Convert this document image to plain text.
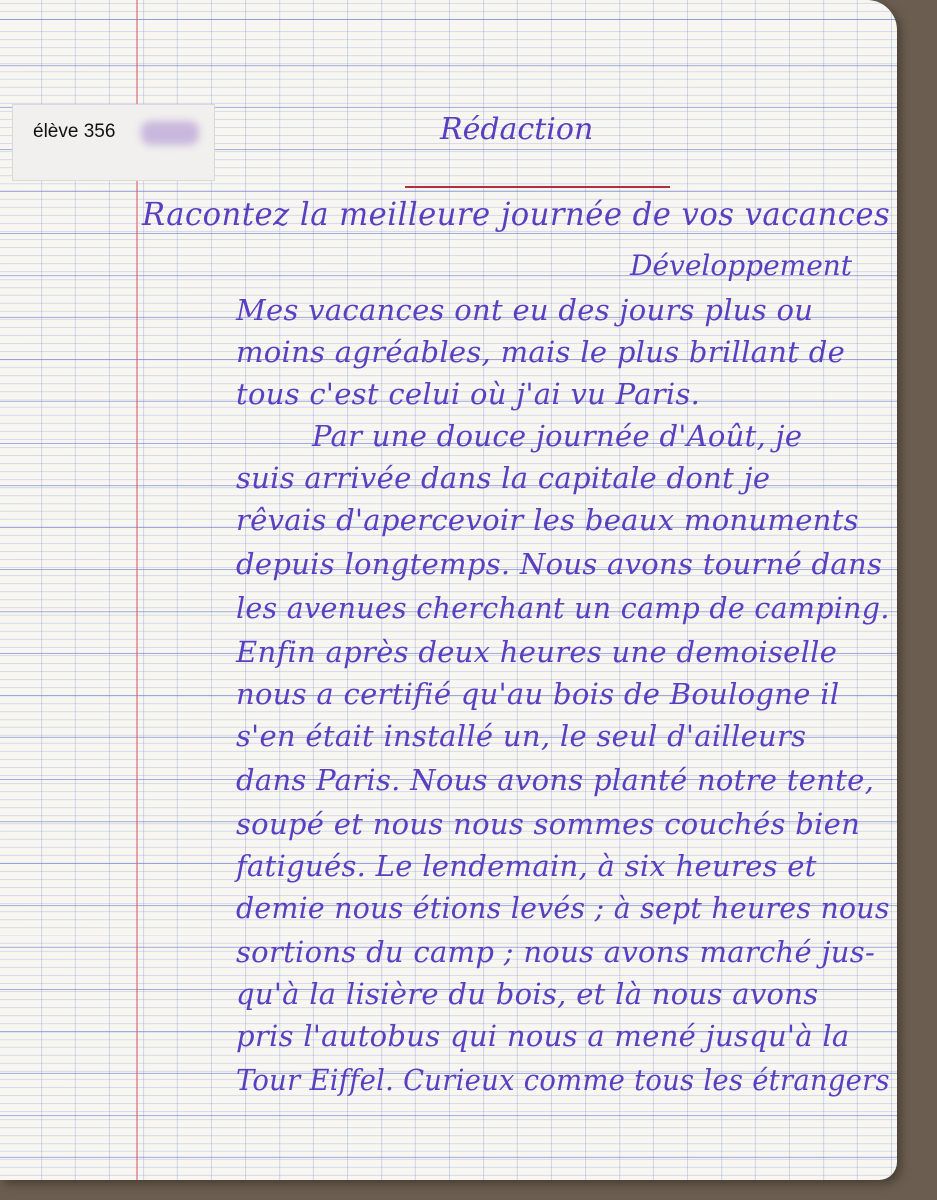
élève 356	Rédaction
Racontez la meilleure journée de vos vacances
Développement
Mes vacances ont eu des jours plus ou
moins agréables, mais le plus brillant de
tous c'est celui où j'ai vu Paris.
Par une douce journée d'Août, je
suis arrivée dans la capitale dont je
rêvais d'apercevoir les beaux monuments
depuis longtemps. Nous avons tourné dans
les avenues cherchant un camp de camping.
Enfin après deux heures une demoiselle
nous a certifié qu'au bois de Boulogne il
s'en était installé un, le seul d'ailleurs
dans Paris. Nous avons planté notre tente,
soupé et nous nous sommes couchés bien
fatigués. Le lendemain, à six heures et
demie nous étions levés ; à sept heures nous
sortions du camp ; nous avons marché jus-
qu'à la lisière du bois, et là nous avons
pris l'autobus qui nous a mené jusqu'à la
Tour Eiffel. Curieux comme tous les étrangers
